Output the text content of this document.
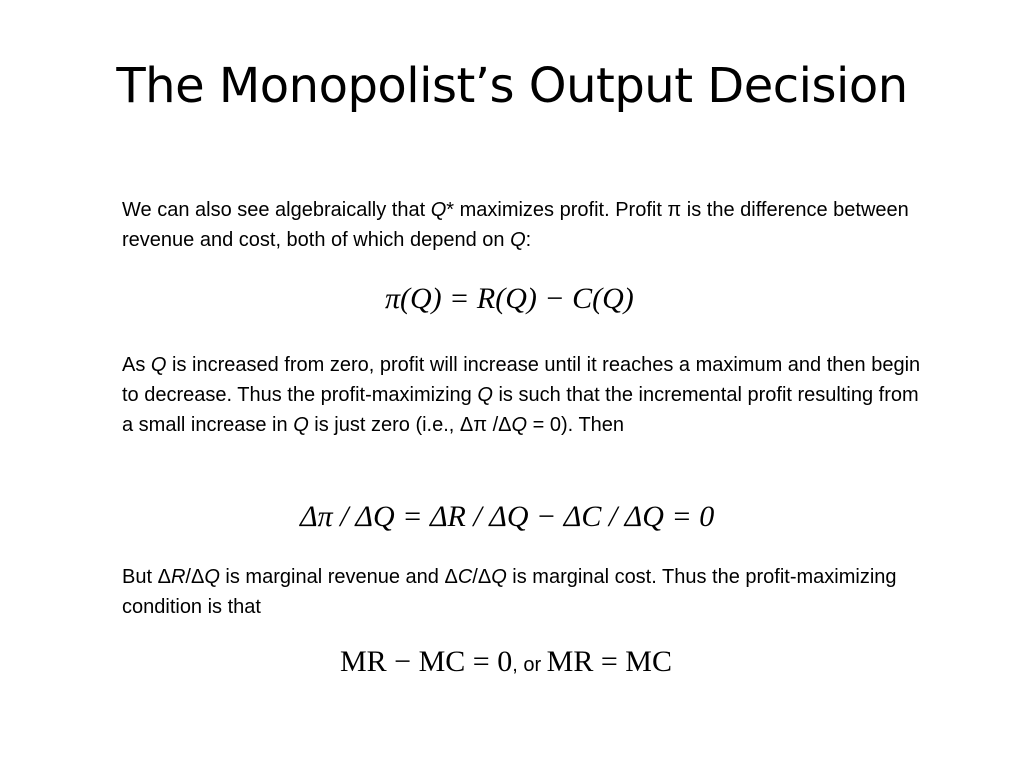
The Monopolist’s Output Decision

We can also see algebraically that Q* maximizes profit. Profit π is the difference between revenue and cost, both of which depend on Q:

π(Q) = R(Q) − C(Q)

As Q is increased from zero, profit will increase until it reaches a maximum and then begin to decrease. Thus the profit-maximizing Q is such that the incremental profit resulting from a small increase in Q is just zero (i.e., Δπ /ΔQ = 0). Then

Δπ / ΔQ = ΔR / ΔQ − ΔC / ΔQ = 0

But ΔR/ΔQ is marginal revenue and ΔC/ΔQ is marginal cost. Thus the profit-maximizing condition is that

MR − MC = 0, or MR = MC
